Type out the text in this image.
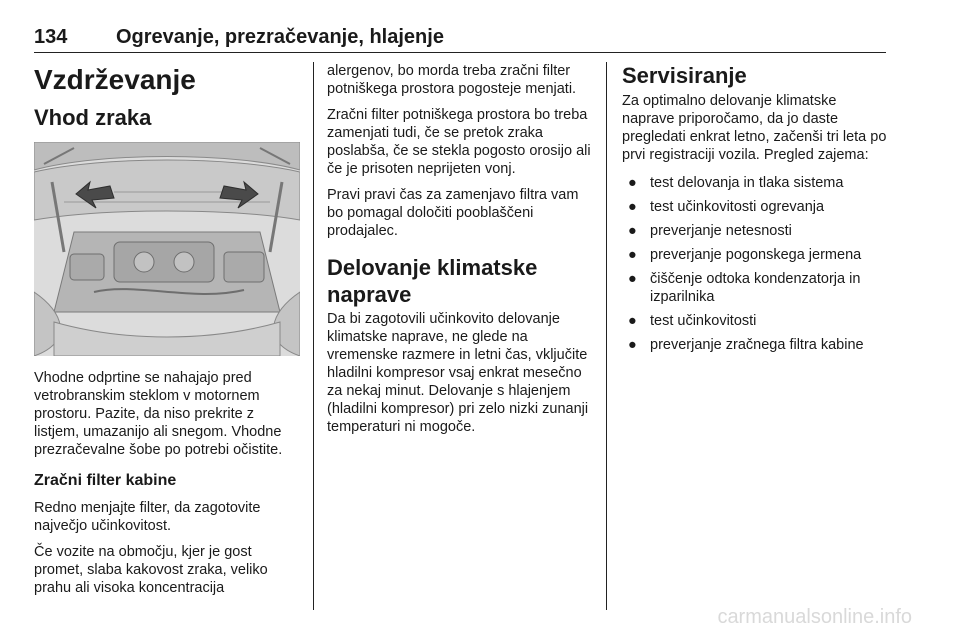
134 Ogrevanje, prezračevanje, hlajenje
Vzdrževanje
Vhod zraka

Vhodne odprtine se nahajajo pred vetrobranskim steklom v motornem prostoru. Pazite, da niso prekrite z listjem, umazanijo ali snegom. Vhodne prezračevalne šobe po potrebi očistite.

Zračni filter kabine

Redno menjajte filter, da zagotovite največjo učinkovitost.

Če vozite na območju, kjer je gost promet, slaba kakovost zraka, veliko prahu ali visoka koncentracija

alergenov, bo morda treba zračni filter potniškega prostora pogosteje menjati.

Zračni filter potniškega prostora bo treba zamenjati tudi, če se pretok zraka poslabša, če se stekla pogosto orosijo ali če je prisoten neprijeten vonj.

Pravi pravi čas za zamenjavo filtra vam bo pomagal določiti pooblaščeni prodajalec.

Delovanje klimatske naprave

Da bi zagotovili učinkovito delovanje klimatske naprave, ne glede na vremenske razmere in letni čas, vključite hladilni kompresor vsaj enkrat mesečno za nekaj minut. Delovanje s hlajenjem (hladilni kompresor) pri zelo nizki zunanji temperaturi ni mogoče.

Servisiranje

Za optimalno delovanje klimatske naprave priporočamo, da jo daste pregledati enkrat letno, začenši tri leta po prvi registraciji vozila. Pregled zajema:

● test delovanja in tlaka sistema
● test učinkovitosti ogrevanja
● preverjanje netesnosti
● preverjanje pogonskega jermena
● čiščenje odtoka kondenzatorja in izparilnika
● test učinkovitosti
● preverjanje zračnega filtra kabine
carmanualsonline.info
